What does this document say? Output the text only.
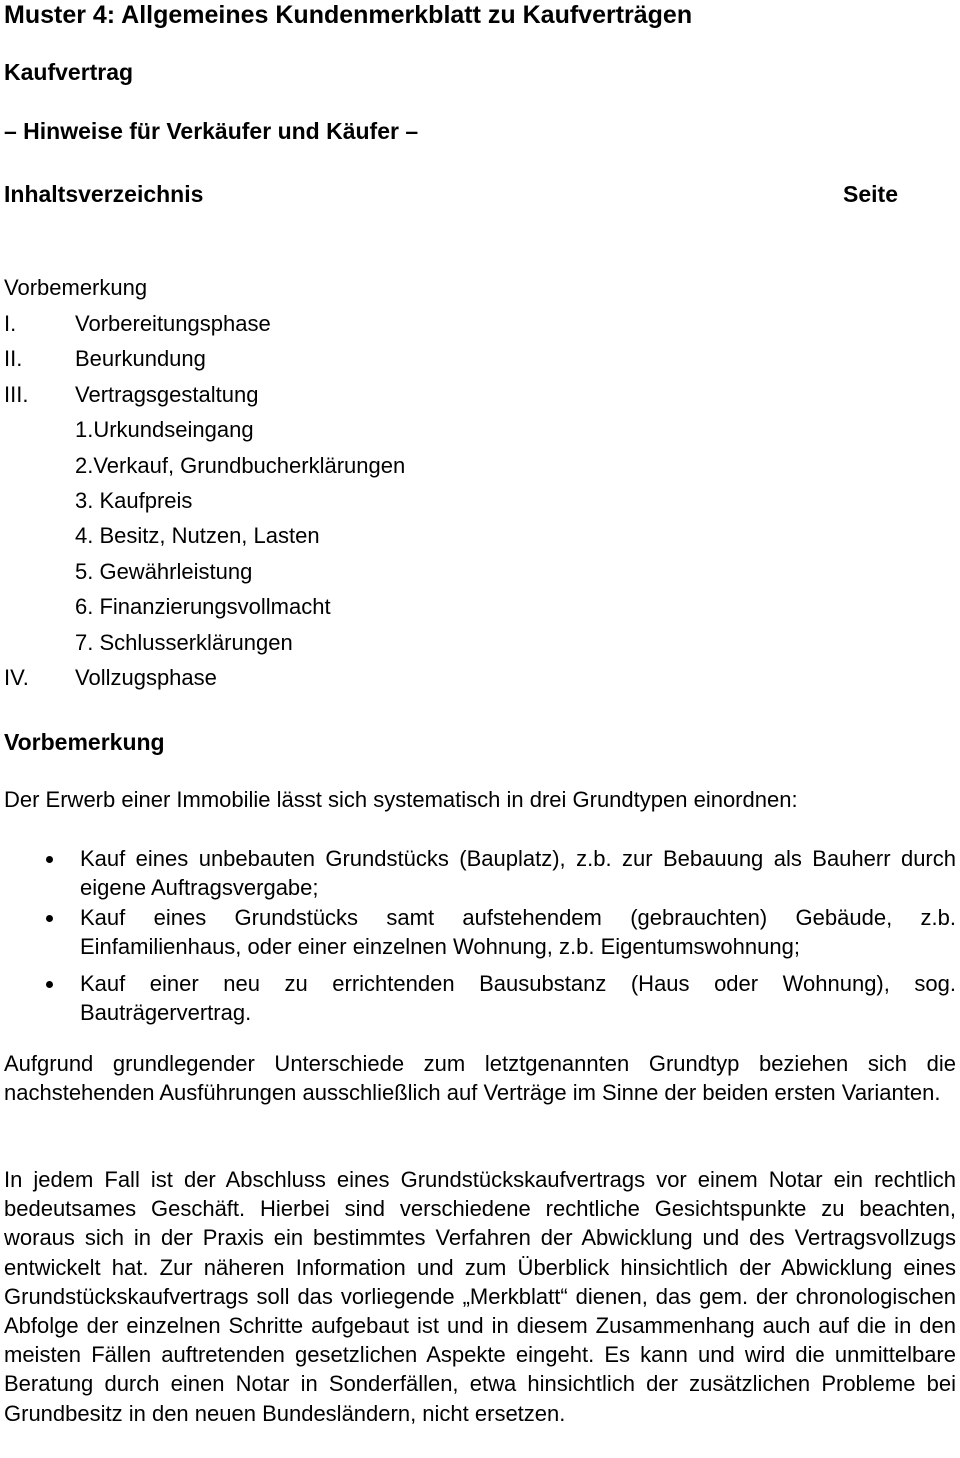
Muster 4: Allgemeines Kundenmerkblatt zu Kaufverträgen
Kaufvertrag
– Hinweise für Verkäufer und Käufer –
Inhaltsverzeichnis	Seite
Vorbemerkung
I.	Vorbereitungsphase
II. Beurkundung
III. Vertragsgestaltung
1.Urkundseingang
2.Verkauf, Grundbucherklärungen
3. Kaufpreis
4. Besitz, Nutzen, Lasten
5. Gewährleistung
6. Finanzierungsvollmacht
7. Schlusserklärungen
IV. Vollzugsphase
Vorbemerkung
Der Erwerb einer Immobilie lässt sich systematisch in drei Grundtypen einordnen:
Kauf eines unbebauten Grundstücks (Bauplatz), z.b. zur Bebauung als Bauherr durch eigene Auftragsvergabe;
Kauf eines Grundstücks samt aufstehendem (gebrauchten) Gebäude, z.b. Einfamilienhaus, oder einer einzelnen Wohnung, z.b. Eigentumswohnung;
Kauf einer neu zu errichtenden Bausubstanz (Haus oder Wohnung), sog. Bauträgervertrag.
Aufgrund grundlegender Unterschiede zum letztgenannten Grundtyp beziehen sich die nachstehenden Ausführungen ausschließlich auf Verträge im Sinne der beiden ersten Varianten.
In jedem Fall ist der Abschluss eines Grundstückskaufvertrags vor einem Notar ein rechtlich bedeutsames Geschäft. Hierbei sind verschiedene rechtliche Gesichtspunkte zu beachten, woraus sich in der Praxis ein bestimmtes Verfahren der Abwicklung und des Vertragsvollzugs entwickelt hat. Zur näheren Information und zum Überblick hinsichtlich der Abwicklung eines Grundstückskaufvertrags soll das vorliegende „Merkblatt“ dienen, das gem. der chronologischen Abfolge der einzelnen Schritte aufgebaut ist und in diesem Zusammenhang auch auf die in den meisten Fällen auftretenden gesetzlichen Aspekte eingeht. Es kann und wird die unmittelbare Beratung durch einen Notar in Sonderfällen, etwa hinsichtlich der zusätzlichen Probleme bei Grundbesitz in den neuen Bundesländern, nicht ersetzen.
